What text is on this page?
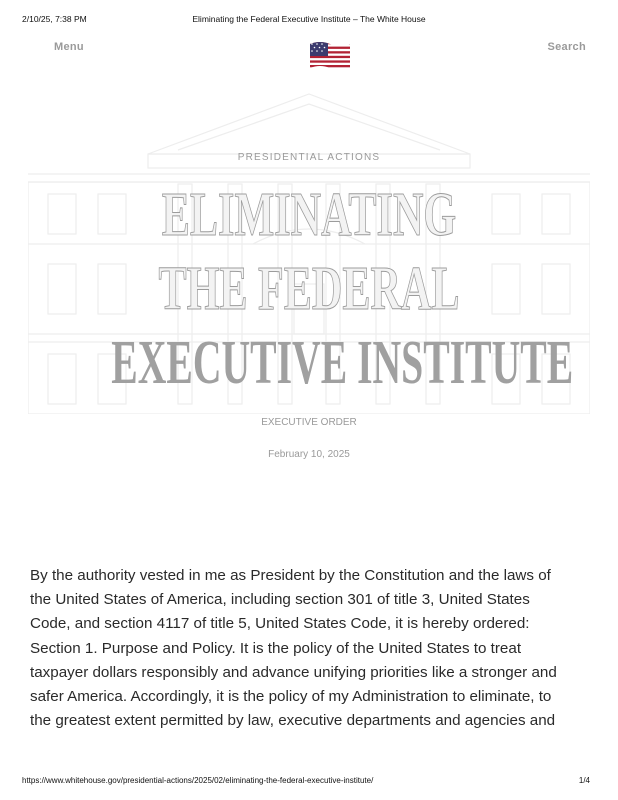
2/10/25, 7:38 PM	Eliminating the Federal Executive Institute – The White House
Menu	Search
PRESIDENTIAL ACTIONS
ELIMINATING
THE FEDERAL
EXECUTIVE INSTITUTE
EXECUTIVE ORDER
February 10, 2025

By the authority vested in me as President by the Constitution and the laws of

the United States of America, including section 301 of title 3, United States

Code, and section 4117 of title 5, United States Code, it is hereby ordered:

Section 1. Purpose and Policy. It is the policy of the United States to treat

taxpayer dollars responsibly and advance unifying priorities like a stronger and

safer America. Accordingly, it is the policy of my Administration to eliminate, to

the greatest extent permitted by law, executive departments and agencies and

https://www.whitehouse.gov/presidential-actions/2025/02/eliminating-the-federal-executive-institute/	1/4
